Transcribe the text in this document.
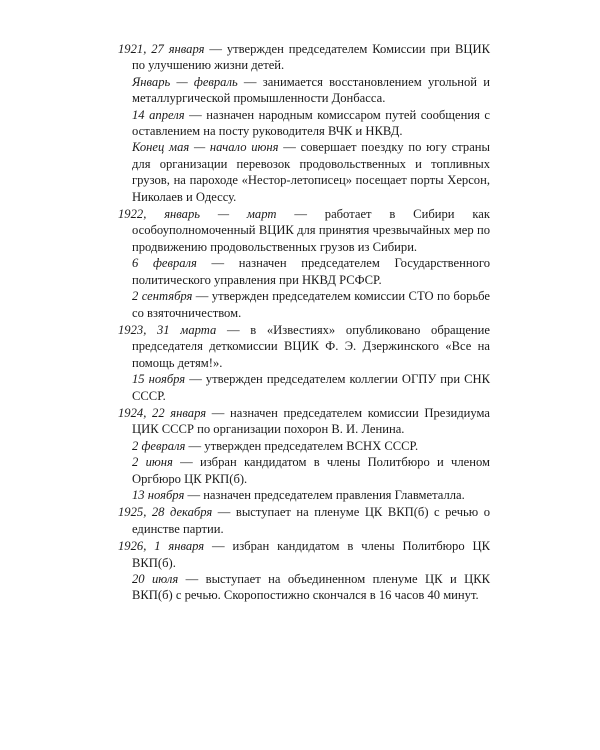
1921, 27 января — утвержден председателем Комиссии при ВЦИК по улучшению жизни детей.

Январь — февраль — занимается восстановлением угольной и металлургической промышленности Донбасса.

14 апреля — назначен народным комиссаром путей сообщения с оставлением на посту руководителя ВЧК и НКВД.

Конец мая — начало июня — совершает поездку по югу страны для организации перевозок продовольственных и топливных грузов, на пароходе «Нестор-летописец» посещает порты Херсон, Николаев и Одессу.

1922, январь — март — работает в Сибири как особоуполномоченный ВЦИК для принятия чрезвычайных мер по продвижению продовольственных грузов из Сибири.

6 февраля — назначен председателем Государственного политического управления при НКВД РСФСР.

2 сентября — утвержден председателем комиссии СТО по борьбе со взяточничеством.

1923, 31 марта — в «Известиях» опубликовано обращение председателя деткомиссии ВЦИК Ф. Э. Дзержинского «Все на помощь детям!».

15 ноября — утвержден председателем коллегии ОГПУ при СНК СССР.

1924, 22 января — назначен председателем комиссии Президиума ЦИК СССР по организации похорон В. И. Ленина.

2 февраля — утвержден председателем ВСНХ СССР.

2 июня — избран кандидатом в члены Политбюро и членом Оргбюро ЦК РКП(б).

13 ноября — назначен председателем правления Главметалла.

1925, 28 декабря — выступает на пленуме ЦК ВКП(б) с речью о единстве партии.

1926, 1 января — избран кандидатом в члены Политбюро ЦК ВКП(б).

20 июля — выступает на объединенном пленуме ЦК и ЦКК ВКП(б) с речью. Скоропостижно скончался в 16 часов 40 минут.
